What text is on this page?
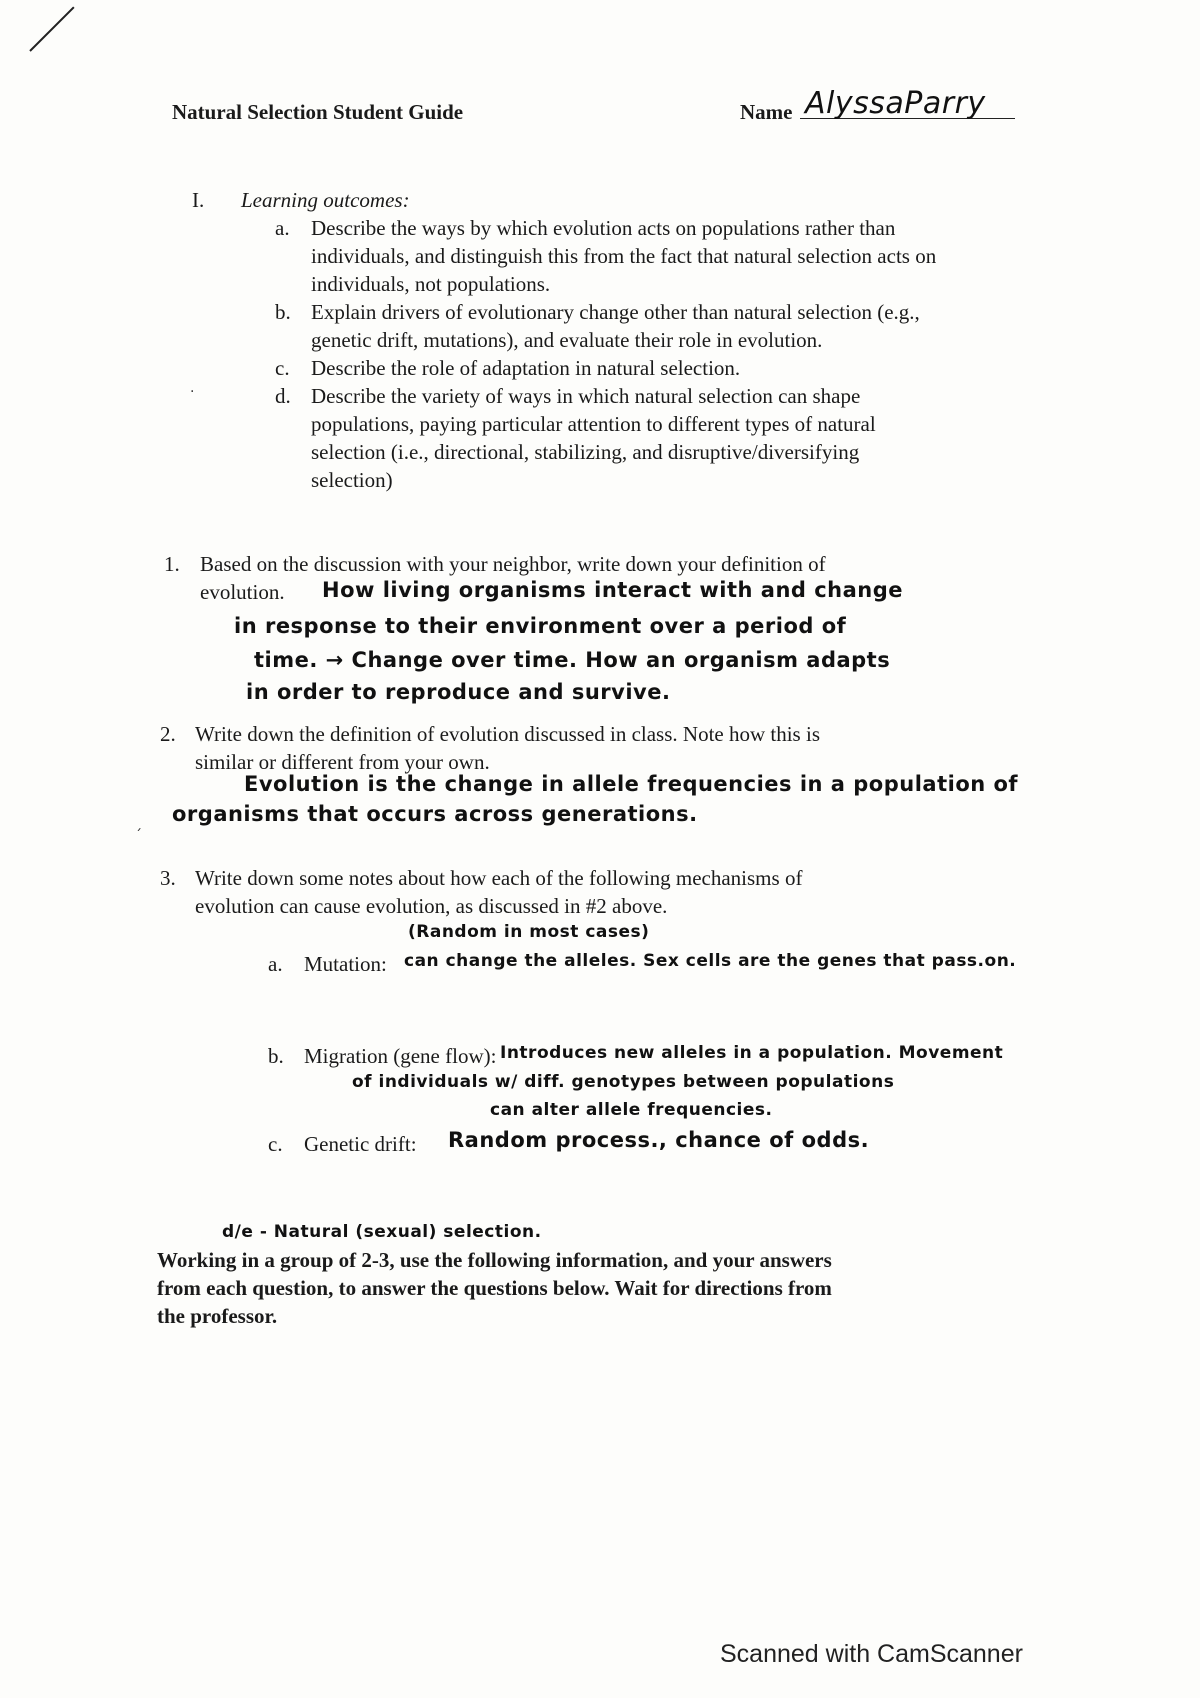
Natural Selection Student Guide	Name AlyssaParry
I. Learning outcomes:
a. Describe the ways by which evolution acts on populations rather than
individuals, and distinguish this from the fact that natural selection acts on
individuals, not populations.
b. Explain drivers of evolutionary change other than natural selection (e.g.,
genetic drift, mutations), and evaluate their role in evolution.
c. Describe the role of adaptation in natural selection.
·	d. Describe the variety of ways in which natural selection can shape
populations, paying particular attention to different types of natural
selection (i.e., directional, stabilizing, and disruptive/diversifying
selection)
1. Based on the discussion with your neighbor, write down your definition of
evolution. How living organisms interact with and change
in response to their environment over a period of
time. → Change over time. How an organism adapts
in order to reproduce and survive.
2. Write down the definition of evolution discussed in class. Note how this is
similar or different from your own.
Evolution is the change in allele frequencies in a population of
organisms that occurs across generations.
ˊ
3. Write down some notes about how each of the following mechanisms of
evolution can cause evolution, as discussed in #2 above.
(Random in most cases)
a. Mutation: can change the alleles. Sex cells are the genes that pass.on.
b. Migration (gene flow): Introduces new alleles in a population. Movement
of individuals w/ diff. genotypes between populations
can alter allele frequencies.
c. Genetic drift: Random process., chance of odds.
d/e - Natural (sexual) selection.
Working in a group of 2-3, use the following information, and your answers
from each question, to answer the questions below. Wait for directions from
the professor.
Scanned with CamScanner
